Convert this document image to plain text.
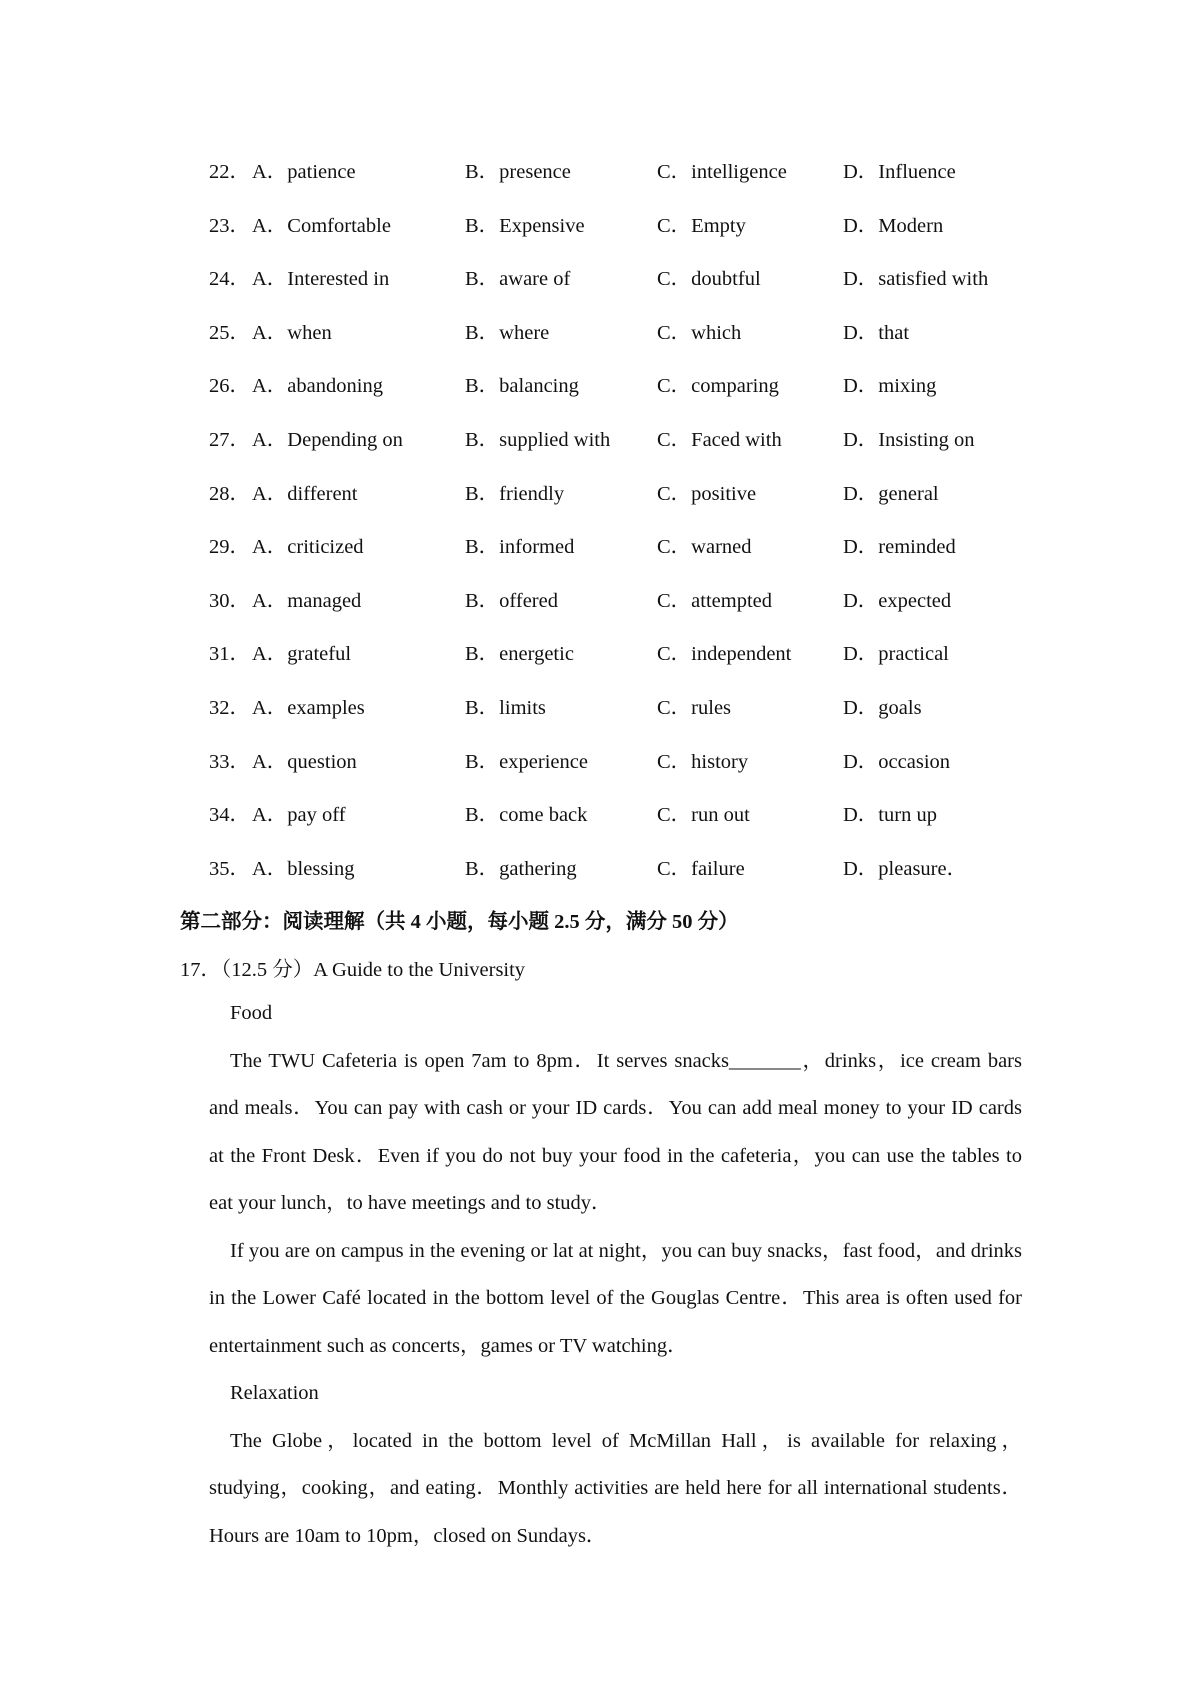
22． A．patience	B．presence	C．intelligence	D．Influence
23． A．Comfortable	B．Expensive	C．Empty	D．Modern
24． A．Interested in	B．aware of	C．doubtful	D．satisfied with
25． A．when	B．where	C．which	D．that
26． A．abandoning	B．balancing	C．comparing	D．mixing
27． A．Depending on	B．supplied with C．Faced with	D．Insisting on
28． A．different	B．friendly	C．positive	D．general
29． A．criticized	B．informed	C．warned	D．reminded
30． A．managed	B．offered	C．attempted	D．expected
31． A．grateful	B．energetic	C．independent	D．practical
32． A．examples	B．limits	C．rules	D．goals
33． A．question	B．experience	C．history	D．occasion
34． A．pay off	B．come back	C．run out	D．turn up
35． A．blessing	B．gathering	C．failure	D．pleasure．
第二部分：阅读理解（共 4 小题，每小题 2.5 分，满分 50 分）
17．（12.5 分）A Guide to the University

Food

The TWU Cafeteria is open 7am to 8pm．It serves snacks_______，drinks，ice cream bars and meals．You can pay with cash or your ID cards．You can add meal money to your ID cards at the Front Desk．Even if you do not buy your food in the cafeteria，you can use the tables to eat your lunch，to have meetings and to study．

If you are on campus in the evening or lat at night，you can buy snacks，fast food，and drinks in the Lower Café located in the bottom level of the Gouglas Centre．This area is often used for entertainment such as concerts，games or TV watching．

Relaxation

The Globe，located in the bottom level of McMillan Hall，is available for relaxing，studying，cooking，and eating．Monthly activities are held here for all international students．Hours are 10am to 10pm，closed on Sundays．
